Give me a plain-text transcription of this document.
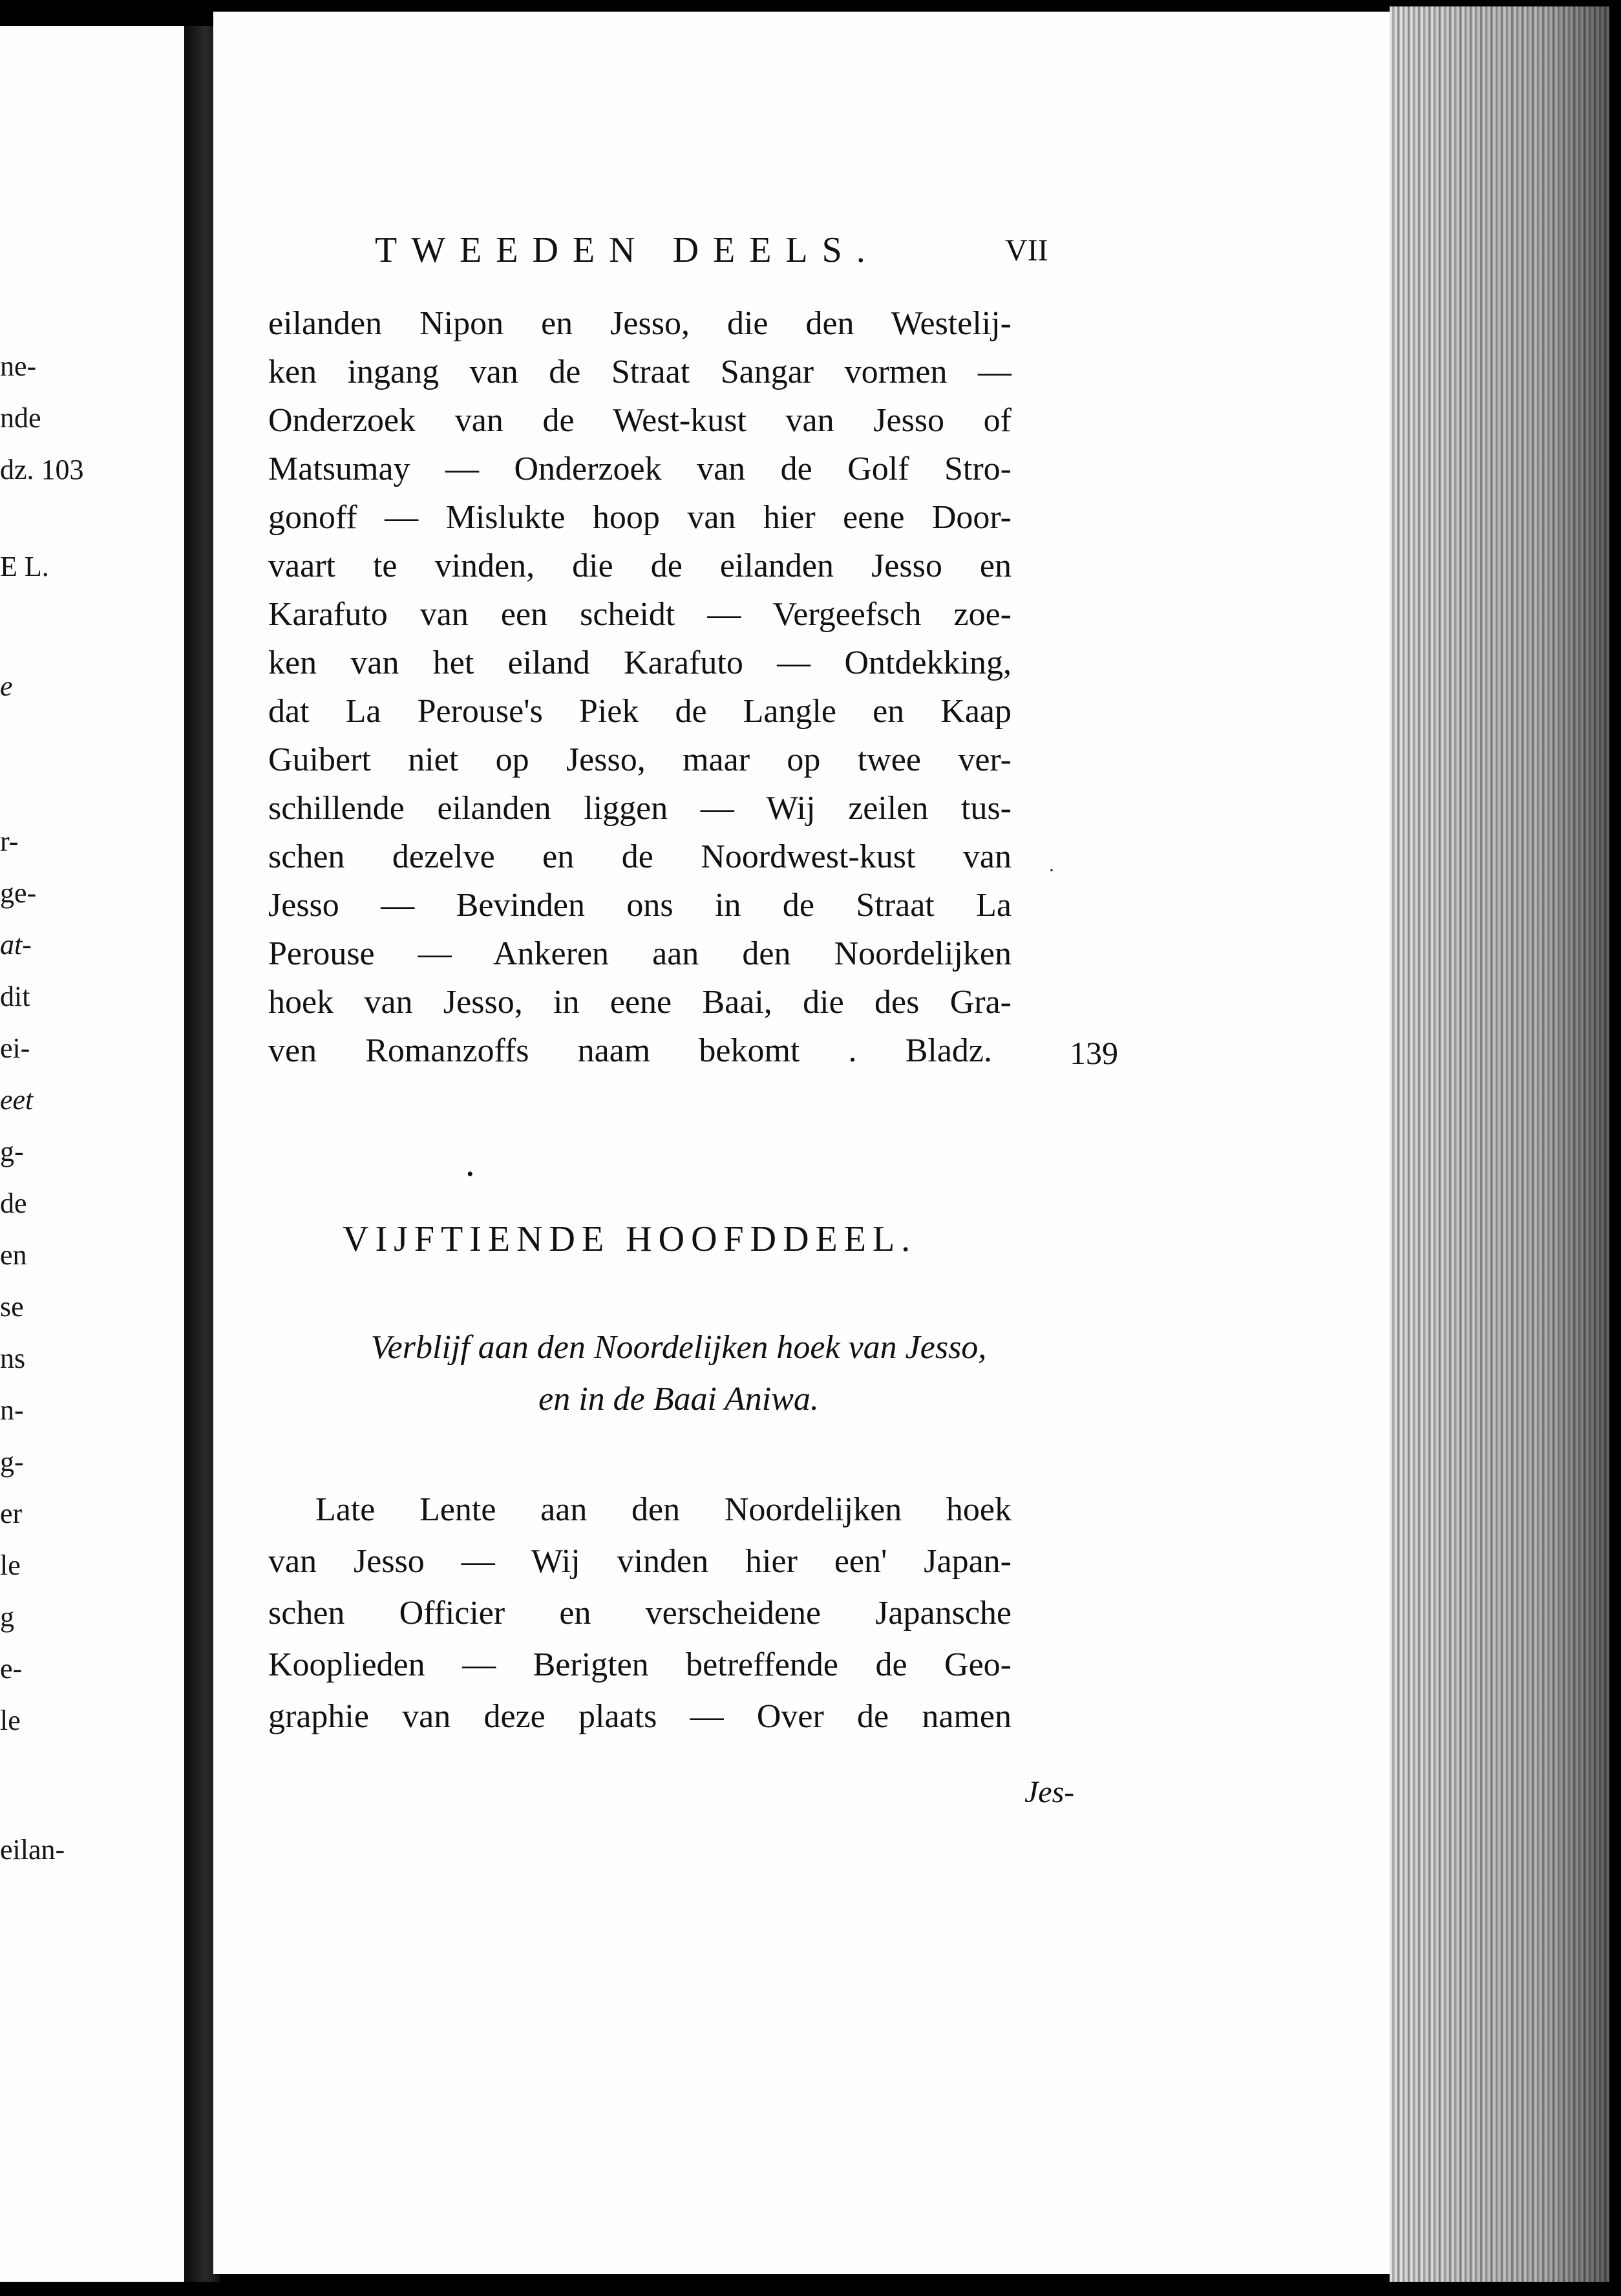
ne-
nde
dz. 103
E L.
e
r-
ge-
at-
dit
ei-
eet
g-
de
en
se
ns
n-
g-
er
le
g
e-
le
eilan-
TWEEDEN DEELS.	VII
eilanden Nipon en Jesso, die den Westelij-
ken ingang van de Straat Sangar vormen —
Onderzoek van de West-kust van Jesso of
Matsumay — Onderzoek van de Golf Stro-
gonoff — Mislukte hoop van hier eene Door-
vaart te vinden, die de eilanden Jesso en
Karafuto van een scheidt — Vergeefsch zoe-
ken van het eiland Karafuto — Ontdekking,
dat La Perouse's Piek de Langle en Kaap
Guibert niet op Jesso, maar op twee ver-
schillende eilanden liggen — Wij zeilen tus-
schen dezelve en de Noordwest-kust van
Jesso — Bevinden ons in de Straat La
Perouse — Ankeren aan den Noordelijken
hoek van Jesso, in eene Baai, die des Gra-
ven Romanzoffs naam bekomt . Bladz. 139
•
·
VIJFTIENDE HOOFDDEEL.
Verblijf aan den Noordelijken hoek van Jesso,
en in de Baai Aniwa.
Late Lente aan den Noordelijken hoek
van Jesso — Wij vinden hier een' Japan-
schen Officier en verscheidene Japansche
Kooplieden — Berigten betreffende de Geo-
graphie van deze plaats — Over de namen
Jes-
